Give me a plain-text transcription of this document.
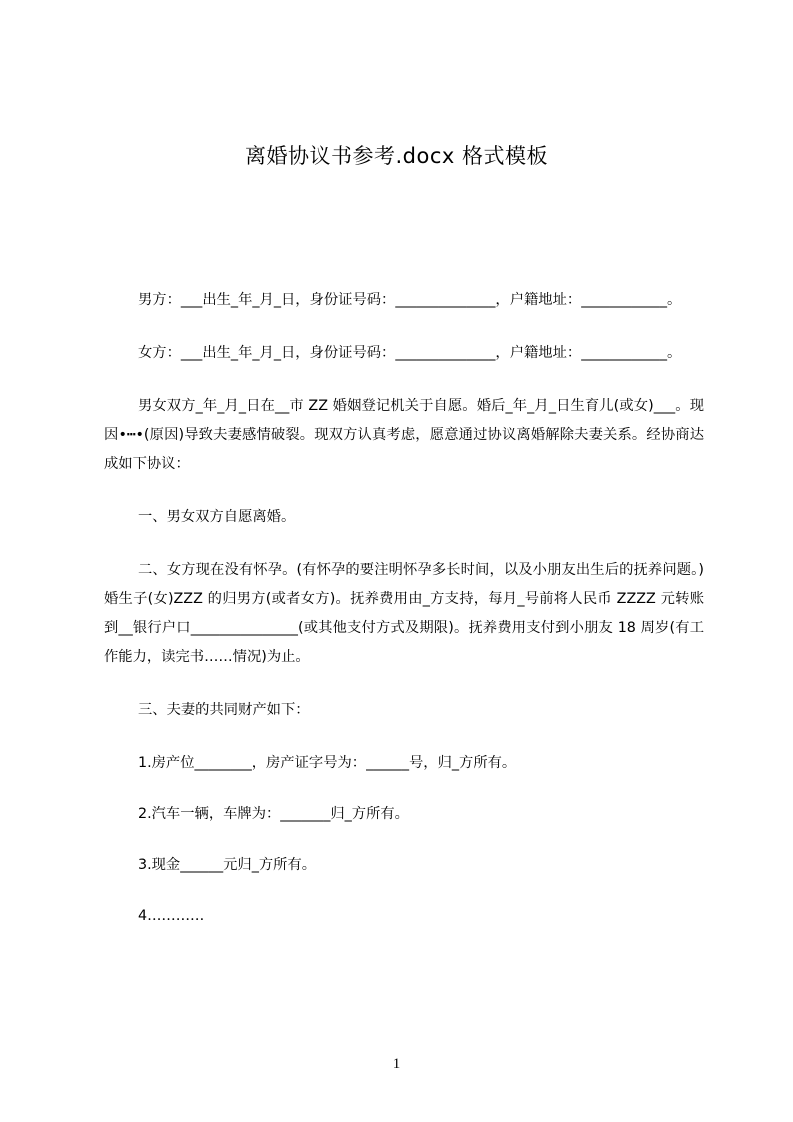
离婚协议书参考.docx 格式模板

男方：___出生_年_月_日，身份证号码：______________，户籍地址：____________。

女方：___出生_年_月_日，身份证号码：______________，户籍地址：____________。

男女双方_年_月_日在__市 ZZ 婚姻登记机关于自愿。婚后_年_月_日生育儿(或女)___。现因•┅•(原因)导致夫妻感情破裂。现双方认真考虑，愿意通过协议离婚解除夫妻关系。经协商达成如下协议：

一、男女双方自愿离婚。

二、女方现在没有怀孕。(有怀孕的要注明怀孕多长时间，以及小朋友出生后的抚养问题。)婚生子(女)ZZZ 的归男方(或者女方)。抚养费用由_方支持，每月_号前将人民币 ZZZZ 元转账到__银行户口_______________(或其他支付方式及期限)。抚养费用支付到小朋友 18 周岁(有工作能力，读完书……情况)为止。

三、夫妻的共同财产如下：

1.房产位________，房产证字号为：______号，归_方所有。

2.汽车一辆，车牌为：_______归_方所有。

3.现金______元归_方所有。

4…………

1
